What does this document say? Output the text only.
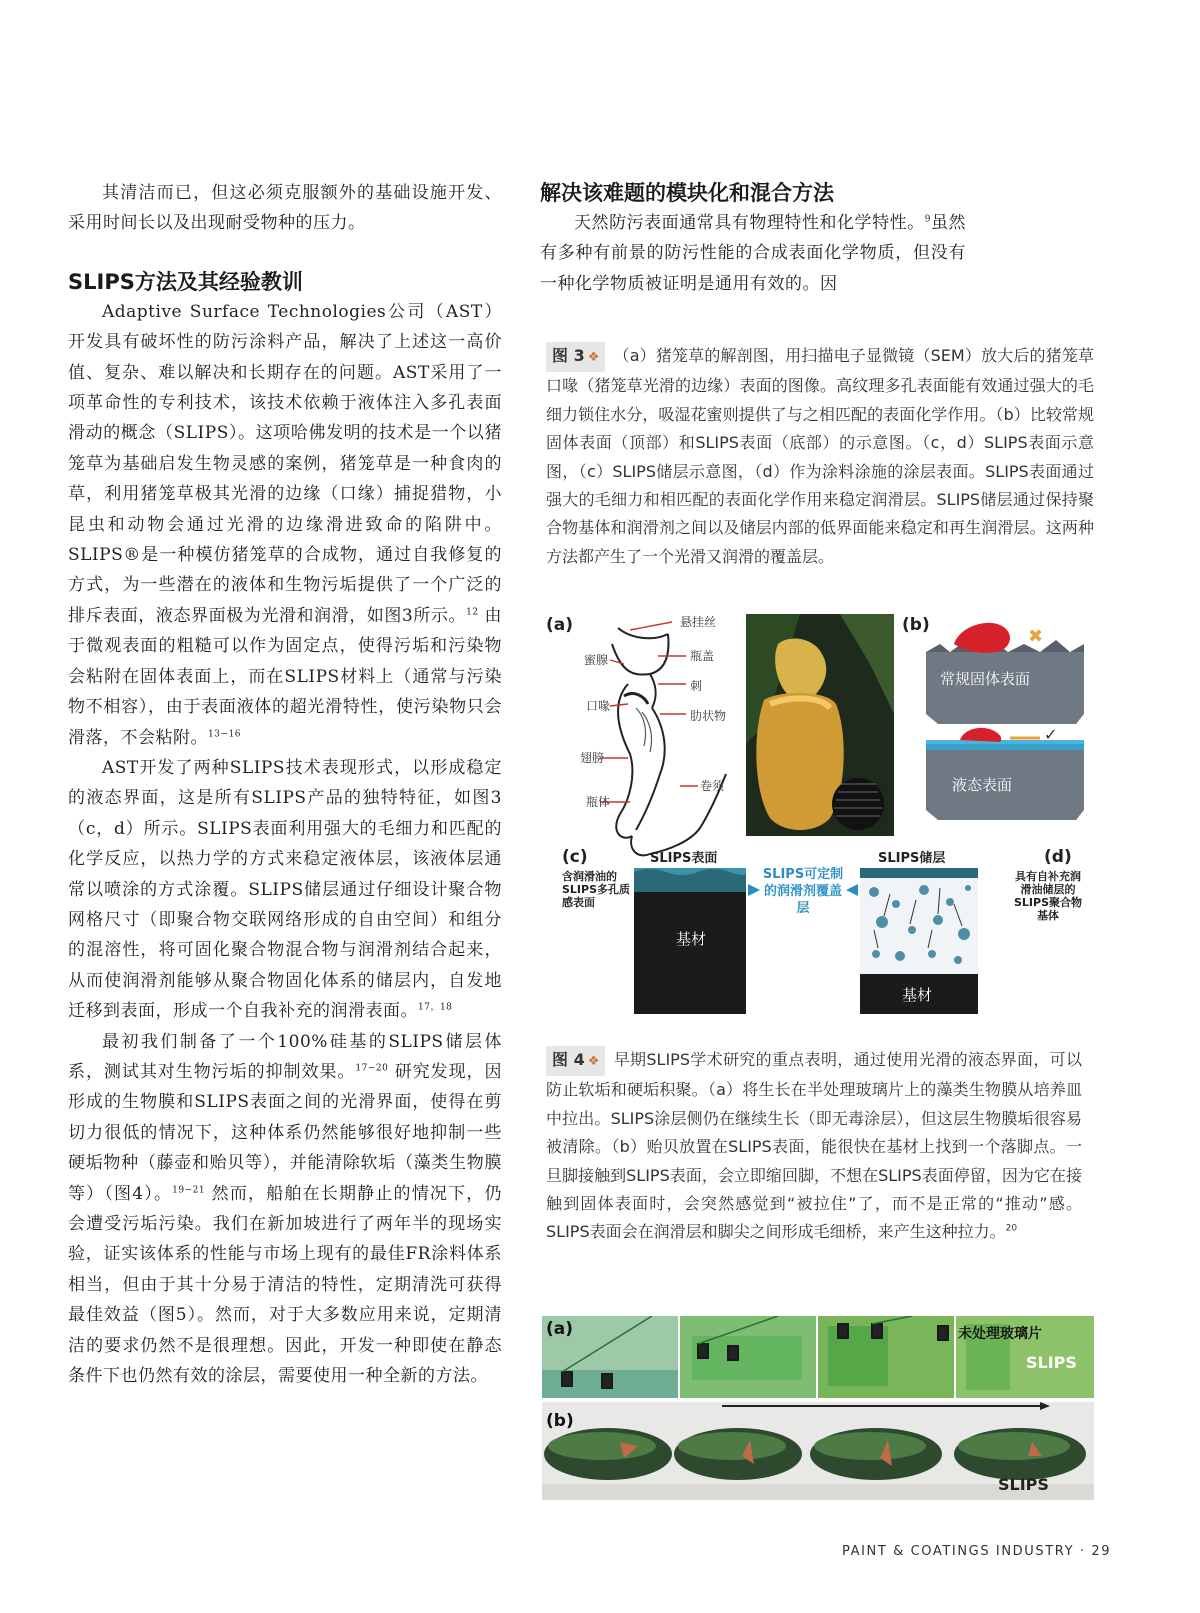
其清洁而已，但这必须克服额外的基础设施开发、采用时间长以及出现耐受物种的压力。

SLIPS方法及其经验教训

Adaptive Surface Technologies公司（AST）开发具有破坏性的防污涂料产品，解决了上述这一高价值、复杂、难以解决和长期存在的问题。AST采用了一项革命性的专利技术，该技术依赖于液体注入多孔表面滑动的概念（SLIPS）。这项哈佛发明的技术是一个以猪笼草为基础启发生物灵感的案例，猪笼草是一种食肉的草，利用猪笼草极其光滑的边缘（口缘）捕捉猎物，小昆虫和动物会通过光滑的边缘滑进致命的陷阱中。SLIPS®是一种模仿猪笼草的合成物，通过自我修复的方式，为一些潜在的液体和生物污垢提供了一个广泛的排斥表面，液态界面极为光滑和润滑，如图3所示。$^{12}$ 由于微观表面的粗糙可以作为固定点，使得污垢和污染物会粘附在固体表面上，而在SLIPS材料上（通常与污染物不相容），由于表面液体的超光滑特性，使污染物只会滑落，不会粘附。$^{13-16}$

AST开发了两种SLIPS技术表现形式，以形成稳定的液态界面，这是所有SLIPS产品的独特特征，如图3（c，d）所示。SLIPS表面利用强大的毛细力和匹配的化学反应，以热力学的方式来稳定液体层，该液体层通常以喷涂的方式涂覆。SLIPS储层通过仔细设计聚合物网格尺寸（即聚合物交联网络形成的自由空间）和组分的混溶性，将可固化聚合物混合物与润滑剂结合起来，从而使润滑剂能够从聚合物固化体系的储层内，自发地迁移到表面，形成一个自我补充的润滑表面。$^{17,18}$

最初我们制备了一个100%硅基的SLIPS储层体系，测试其对生物污垢的抑制效果。$^{17-20}$ 研究发现，因形成的生物膜和SLIPS表面之间的光滑界面，使得在剪切力很低的情况下，这种体系仍然能够很好地抑制一些硬垢物种（藤壶和贻贝等），并能清除软垢（藻类生物膜等）（图4）。$^{19-21}$ 然而，船舶在长期静止的情况下，仍会遭受污垢污染。我们在新加坡进行了两年半的现场实验，证实该体系的性能与市场上现有的最佳FR涂料体系相当，但由于其十分易于清洁的特性，定期清洗可获得最佳效益（图5）。然而，对于大多数应用来说，定期清洁的要求仍然不是很理想。因此，开发一种即使在静态条件下也仍然有效的涂层，需要使用一种全新的方法。

解决该难题的模块化和混合方法

天然防污表面通常具有物理特性和化学特性。$^9$虽然有多种有前景的防污性能的合成表面化学物质，但没有一种化学物质被证明是通用有效的。因

图 3 ❖ （a）猪笼草的解剖图，用扫描电子显微镜（SEM）放大后的猪笼草口喙（猪笼草光滑的边缘）表面的图像。高纹理多孔表面能有效通过强大的毛细力锁住水分，吸湿花蜜则提供了与之相匹配的表面化学作用。（b）比较常规固体表面（顶部）和SLIPS表面（底部）的示意图。（c，d）SLIPS表面示意图，（c）SLIPS储层示意图，（d）作为涂料涂施的涂层表面。SLIPS表面通过强大的毛细力和相匹配的表面化学作用来稳定润滑层。SLIPS储层通过保持聚合物基体和润滑剂之间以及储层内部的低界面能来稳定和再生润滑层。这两种方法都产生了一个光滑又润滑的覆盖层。
(a)	悬挂丝
蜜腺	瓶盖
刺
口喙
肋状物
翅膀
卷须
瓶体
(b)
✖
常规固体表面
✓
液态表面
(c)	(d)
SLIPS表面	SLIPS储层
含润滑油的SLIPS多孔质感表面
具有自补充润滑油储层的SLIPS聚合物基体
SLIPS可定制的润滑剂覆盖层
基材
基材
图 4 ❖ 早期SLIPS学术研究的重点表明，通过使用光滑的液态界面，可以防止软垢和硬垢积聚。（a）将生长在半处理玻璃片上的藻类生物膜从培养皿中拉出。SLIPS涂层侧仍在继续生长（即无毒涂层），但这层生物膜垢很容易被清除。（b）贻贝放置在SLIPS表面，能很快在基材上找到一个落脚点。一旦脚接触到SLIPS表面，会立即缩回脚，不想在SLIPS表面停留，因为它在接触到固体表面时，会突然感觉到“被拉住”了，而不是正常的“推动”感。SLIPS表面会在润滑层和脚尖之间形成毛细桥，来产生这种拉力。$^{20}$
(a)	未处理玻璃片
SLIPS
(b)
SLIPS
PAINT & COATINGS INDUSTRY · 29
